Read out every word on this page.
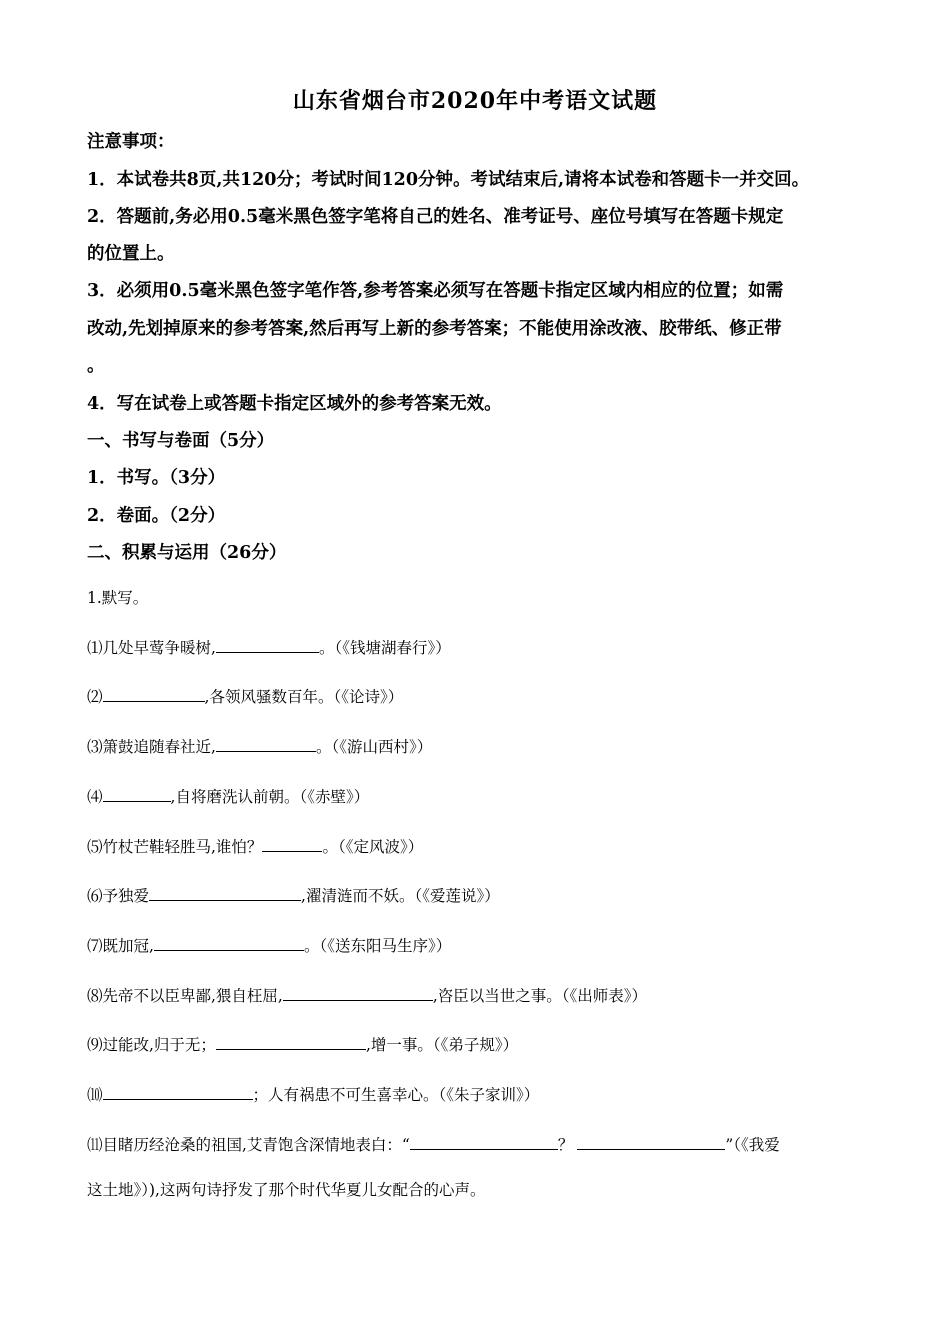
山东省烟台市2020年中考语文试题
注意事项：
1．本试卷共8页,共120分；考试时间120分钟。考试结束后,请将本试卷和答题卡一并交回。
2．答题前,务必用0.5毫米黑色签字笔将自己的姓名、准考证号、座位号填写在答题卡规定
的位置上。
3．必须用0.5毫米黑色签字笔作答,参考答案必须写在答题卡指定区域内相应的位置；如需
改动,先划掉原来的参考答案,然后再写上新的参考答案；不能使用涂改液、胶带纸、修正带
。
4．写在试卷上或答题卡指定区域外的参考答案无效。
一、书写与卷面（5分）
1．书写。（3分）
2．卷面。（2分）
二、积累与运用（26分）
1.默写。
⑴几处早莺争暖树,	。（《钱塘湖春行》）
⑵	,各领风骚数百年。（《论诗》）
⑶箫鼓追随春社近,	。（《游山西村》）
⑷	,自将磨洗认前朝。（《赤壁》）
⑸竹杖芒鞋轻胜马,谁怕？	。（《定风波》）
⑹予独爱	,濯清涟而不妖。（《爱莲说》）
⑺既加冠,	。（《送东阳马生序》）
⑻先帝不以臣卑鄙,猥自枉屈,	,咨臣以当世之事。（《出师表》）
⑼过能改,归于无；	,增一事。（《弟子规》）
⑽	；人有祸患不可生喜幸心。（《朱子家训》）
⑾目睹历经沧桑的祖国,艾青饱含深情地表白：“	？	”（《我爱
这土地》）),这两句诗抒发了那个时代华夏儿女配合的心声。
